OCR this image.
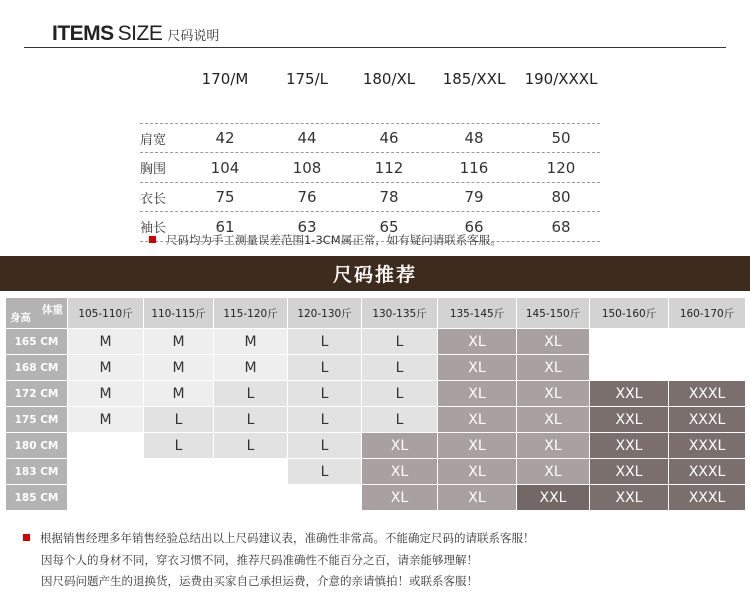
ITEMS SIZE 尺码说明
170/M	175/L	180/XL	185/XXL	190/XXXL
肩宽	42	44	46	48	50
胸围	104	108	112	116	120
衣长	75	76	78	79	80
袖长	61	63	65	66	68
尺码均为手工测量误差范围1-3CM属正常，如有疑问请联系客服。
尺码推荐
体重
身高	105-110斤	110-115斤	115-120斤	120-130斤	130-135斤	135-145斤	145-150斤	150-160斤	160-170斤
165 CM	M	M	M	L	L	XL	XL		
168 CM	M	M	M	L	L	XL	XL		
172 CM	M	M	L	L	L	XL	XL	XXL	XXXL
175 CM	M	L	L	L	L	XL	XL	XXL	XXXL
180 CM		L	L	L	XL	XL	XL	XXL	XXXL
183 CM				L	XL	XL	XL	XXL	XXXL
185 CM					XL	XL	XXL	XXL	XXXL
根据销售经理多年销售经验总结出以上尺码建议表，准确性非常高。不能确定尺码的请联系客服！
因每个人的身材不同，穿衣习惯不同，推荐尺码准确性不能百分之百，请亲能够理解！
因尺码问题产生的退换货，运费由买家自己承担运费，介意的亲请慎拍！或联系客服！
